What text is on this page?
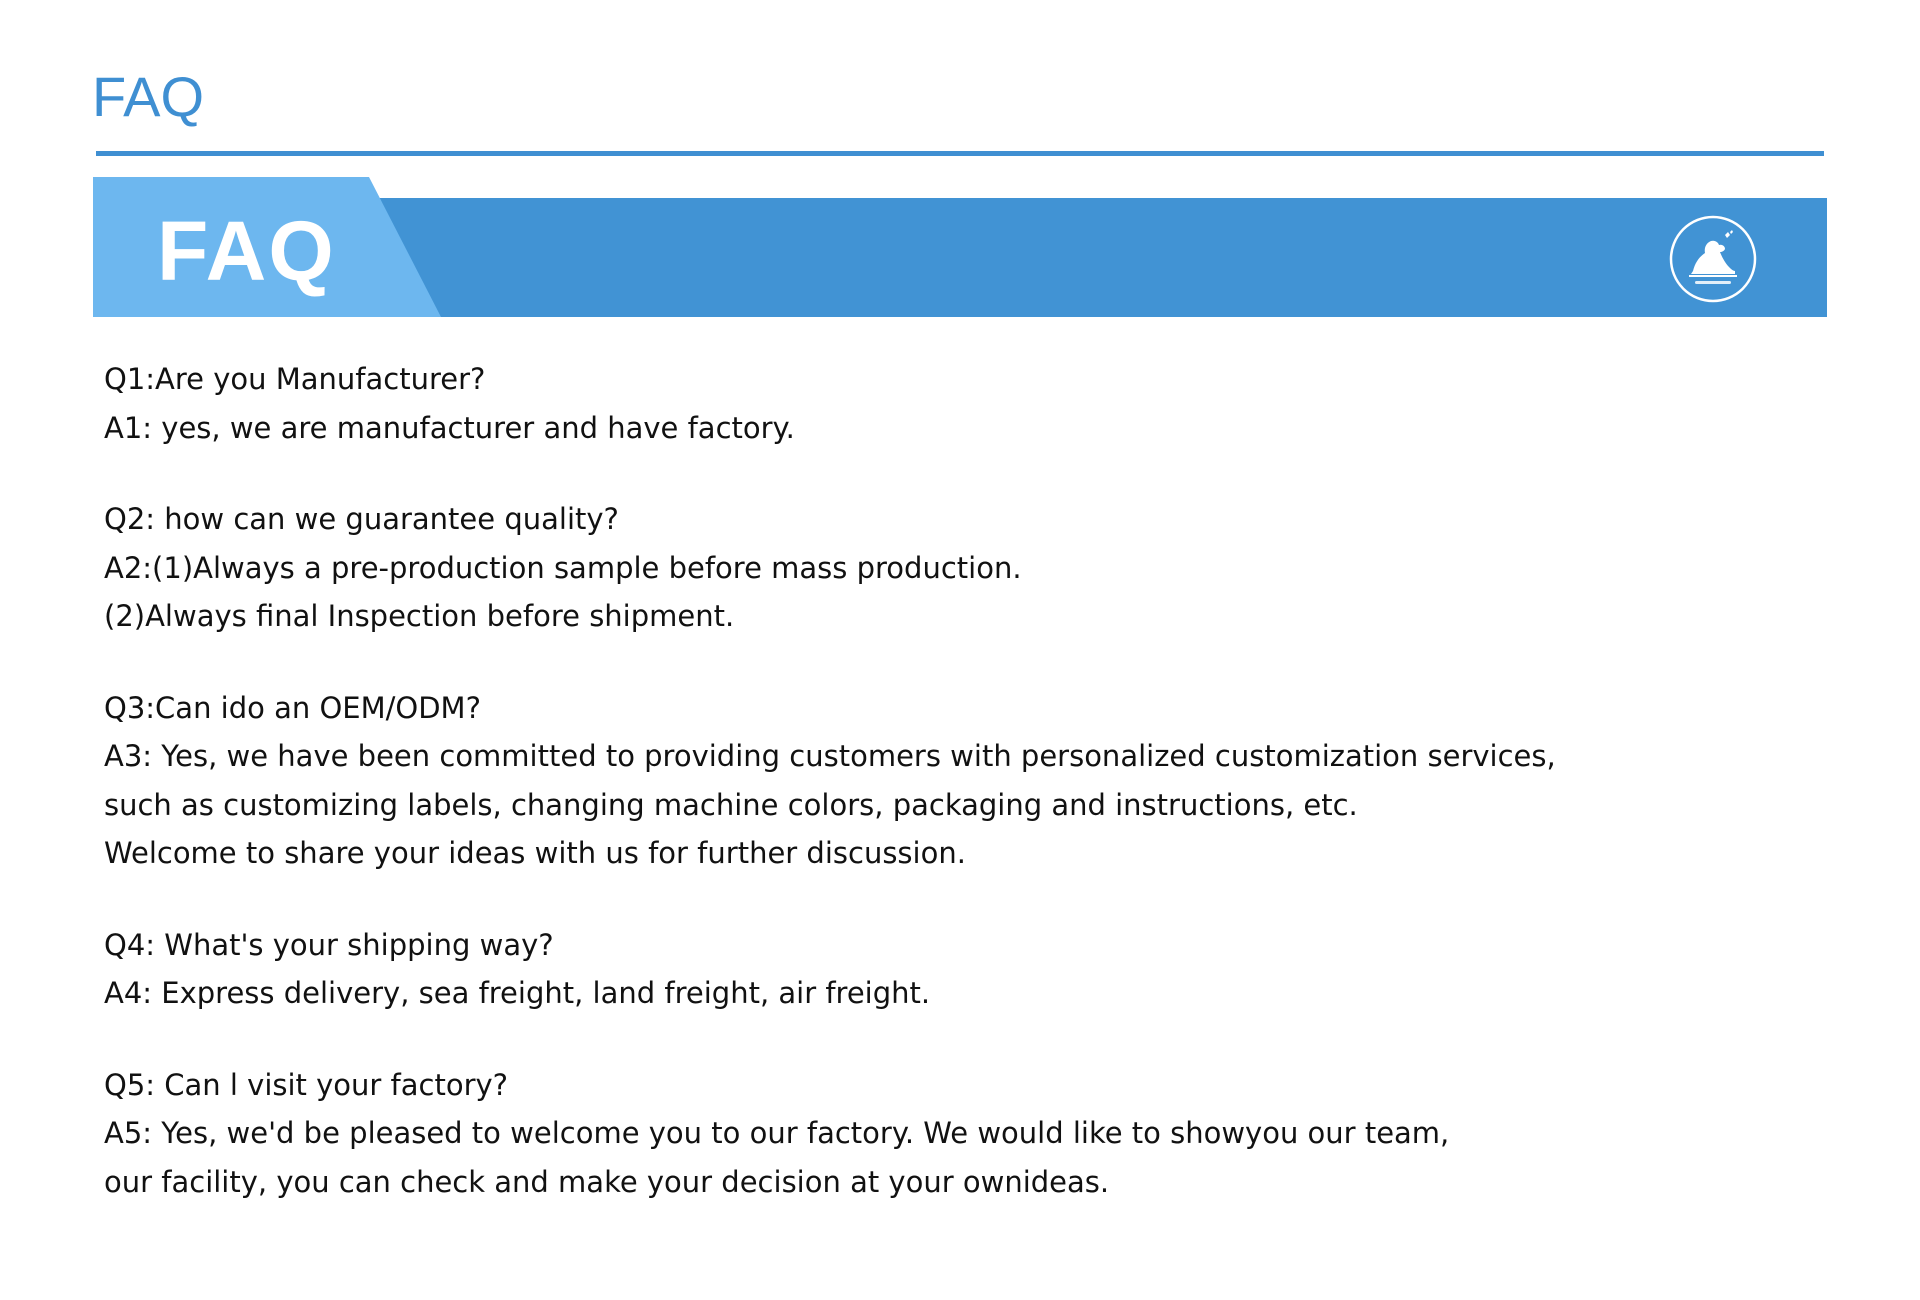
FAQ
FAQ

Q1:Are you Manufacturer?

A1: yes, we are manufacturer and have factory.

Q2: how can we guarantee quality?

A2:(1)Always a pre-production sample before mass production.

(2)Always final Inspection before shipment.

Q3:Can ido an OEM/ODM?

A3: Yes, we have been committed to providing customers with personalized customization services,

such as customizing labels, changing machine colors, packaging and instructions, etc.

Welcome to share your ideas with us for further discussion.

Q4: What's your shipping way?

A4: Express delivery, sea freight, land freight, air freight.

Q5: Can l visit your factory?

A5: Yes, we'd be pleased to welcome you to our factory. We would like to showyou our team,

our facility, you can check and make your decision at your ownideas.
